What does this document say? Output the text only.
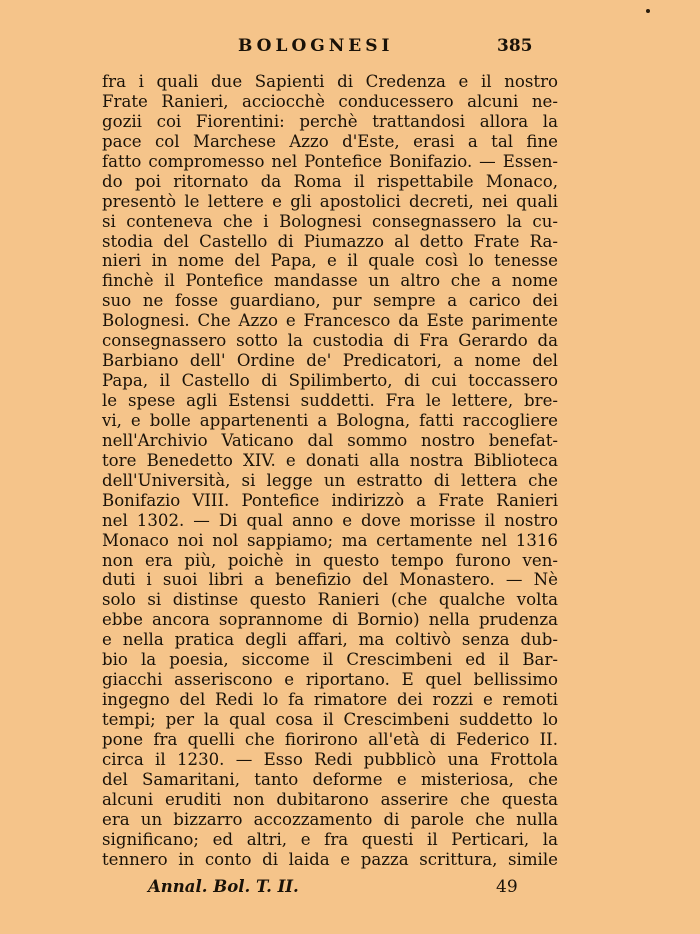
BOLOGNESI	385
fra i quali due Sapienti di Credenza e il nostro
Frate Ranieri, acciocchè conducessero alcuni ne-
gozii coi Fiorentini: perchè trattandosi allora la
pace col Marchese Azzo d'Este, erasi a tal fine
fatto compromesso nel Pontefice Bonifazio. — Essen-
do poi ritornato da Roma il rispettabile Monaco,
presentò le lettere e gli apostolici decreti, nei quali
si conteneva che i Bolognesi consegnassero la cu-
stodia del Castello di Piumazzo al detto Frate Ra-
nieri in nome del Papa, e il quale così lo tenesse
finchè il Pontefice mandasse un altro che a nome
suo ne fosse guardiano, pur sempre a carico dei
Bolognesi. Che Azzo e Francesco da Este parimente
consegnassero sotto la custodia di Fra Gerardo da
Barbiano dell' Ordine de' Predicatori, a nome del
Papa, il Castello di Spilimberto, di cui toccassero
le spese agli Estensi suddetti. Fra le lettere, bre-
vi, e bolle appartenenti a Bologna, fatti raccogliere
nell'Archivio Vaticano dal sommo nostro benefat-
tore Benedetto XIV. e donati alla nostra Biblioteca
dell'Università, si legge un estratto di lettera che
Bonifazio VIII. Pontefice indirizzò a Frate Ranieri
nel 1302. — Di qual anno e dove morisse il nostro
Monaco noi nol sappiamo; ma certamente nel 1316
non era più, poichè in questo tempo furono ven-
duti i suoi libri a benefizio del Monastero. — Nè
solo si distinse questo Ranieri (che qualche volta
ebbe ancora soprannome di Bornio) nella prudenza
e nella pratica degli affari, ma coltivò senza dub-
bio la poesia, siccome il Crescimbeni ed il Bar-
giacchi asseriscono e riportano. E quel bellissimo
ingegno del Redi lo fa rimatore dei rozzi e remoti
tempi; per la qual cosa il Crescimbeni suddetto lo
pone fra quelli che fiorirono all'età di Federico II.
circa il 1230. — Esso Redi pubblicò una Frottola
del Samaritani, tanto deforme e misteriosa, che
alcuni eruditi non dubitarono asserire che questa
era un bizzarro accozzamento di parole che nulla
significano; ed altri, e fra questi il Perticari, la
tennero in conto di laida e pazza scrittura, simile
Annal. Bol. T. II.	49
